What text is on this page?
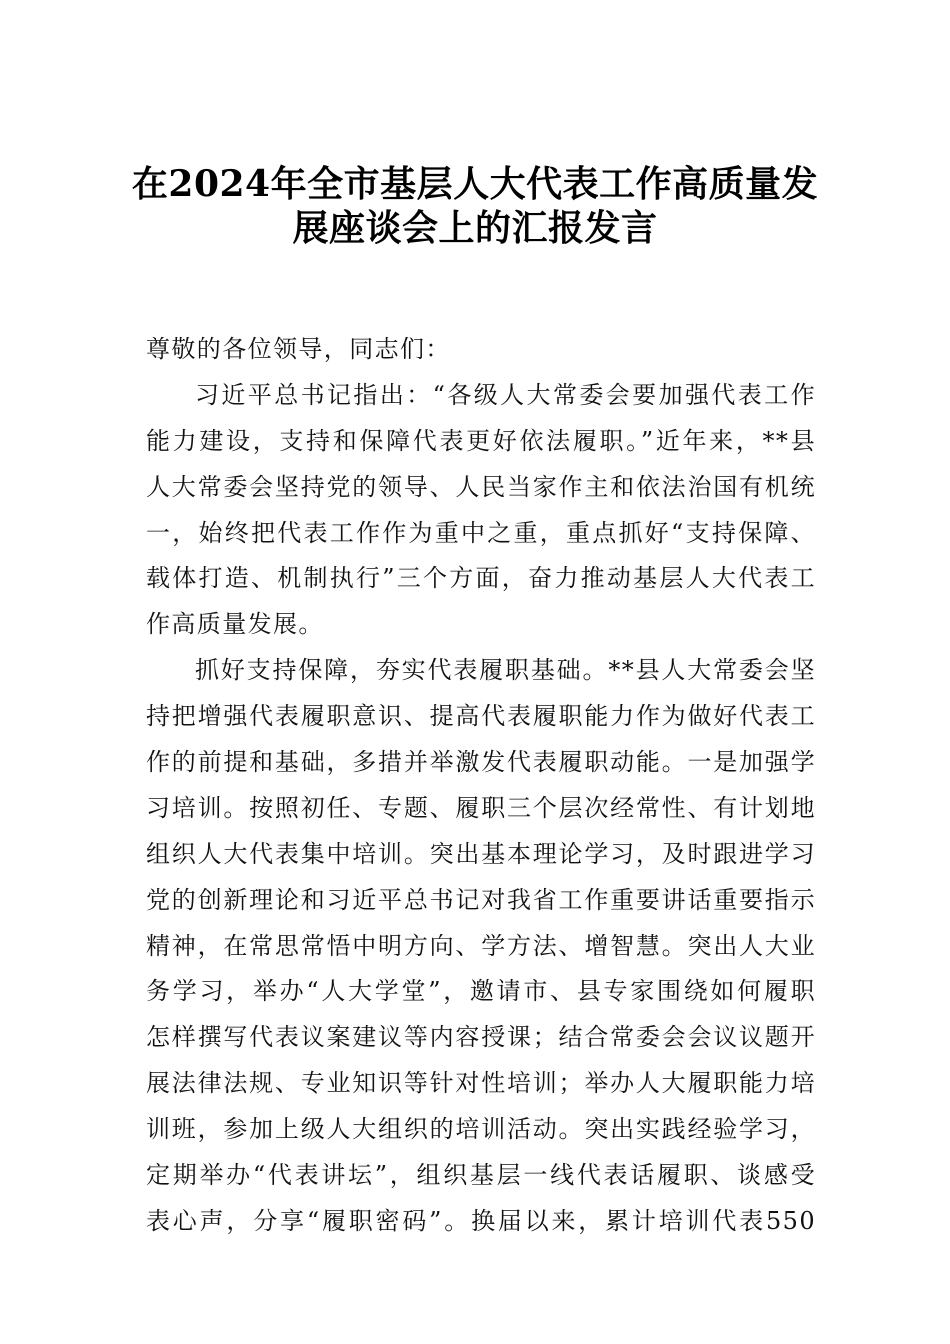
在2024年全市基层人大代表工作高质量发
展座谈会上的汇报发言
尊敬的各位领导，同志们：
习近平总书记指出：“各级人大常委会要加强代表工作
能力建设，支持和保障代表更好依法履职。”近年来，**县
人大常委会坚持党的领导、人民当家作主和依法治国有机统
一，始终把代表工作作为重中之重，重点抓好“支持保障、
载体打造、机制执行”三个方面，奋力推动基层人大代表工
作高质量发展。
抓好支持保障，夯实代表履职基础。**县人大常委会坚
持把增强代表履职意识、提高代表履职能力作为做好代表工
作的前提和基础，多措并举激发代表履职动能。一是加强学
习培训。按照初任、专题、履职三个层次经常性、有计划地
组织人大代表集中培训。突出基本理论学习，及时跟进学习
党的创新理论和习近平总书记对我省工作重要讲话重要指示
精神，在常思常悟中明方向、学方法、增智慧。突出人大业
务学习，举办“人大学堂”，邀请市、县专家围绕如何履职
怎样撰写代表议案建议等内容授课；结合常委会会议议题开
展法律法规、专业知识等针对性培训；举办人大履职能力培
训班，参加上级人大组织的培训活动。突出实践经验学习，
定期举办“代表讲坛”，组织基层一线代表话履职、谈感受
表心声，分享“履职密码”。换届以来，累计培训代表550
